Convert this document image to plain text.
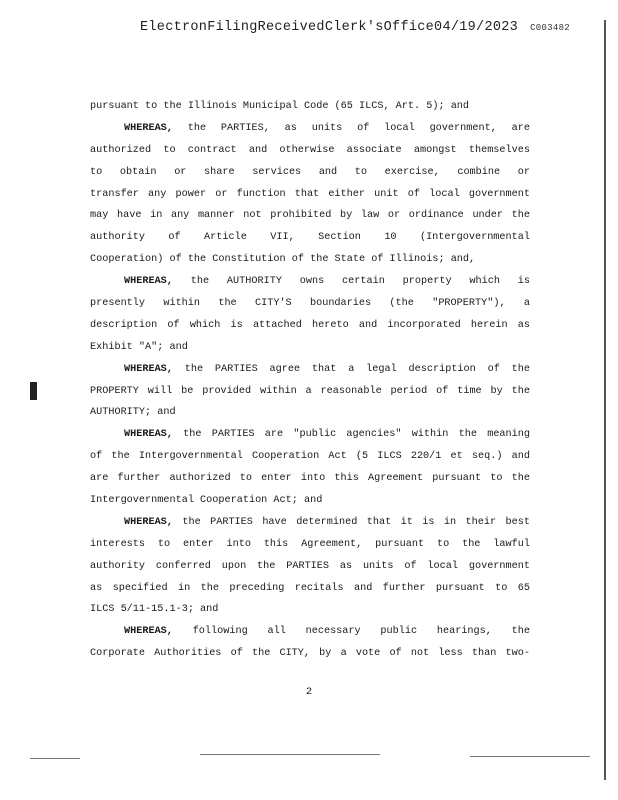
ElectronFilingReceivedClerk'sOffice04/19/2023 C003482
pursuant to the Illinois Municipal Code (65 ILCS, Art. 5); and
WHEREAS, the PARTIES, as units of local government, are
authorized to contract and otherwise associate amongst themselves
to obtain or share services and to exercise, combine or
transfer any power or function that either unit of local government
may have in any manner not prohibited by law or ordinance under the
authority of Article VII, Section 10 (Intergovernmental
Cooperation) of the Constitution of the State of Illinois; and,
WHEREAS, the AUTHORITY owns certain property which is
presently within the CITY'S boundaries (the "PROPERTY"), a
description of which is attached hereto and incorporated herein as
Exhibit "A"; and
WHEREAS, the PARTIES agree that a legal description of the
PROPERTY will be provided within a reasonable period of time by the
AUTHORITY; and
WHEREAS, the PARTIES are "public agencies" within the meaning
of the Intergovernmental Cooperation Act (5 ILCS 220/1 et seq.) and
are further authorized to enter into this Agreement pursuant to the
Intergovernmental Cooperation Act; and
WHEREAS, the PARTIES have determined that it is in their best
interests to enter into this Agreement, pursuant to the lawful
authority conferred upon the PARTIES as units of local government
as specified in the preceding recitals and further pursuant to 65
ILCS 5/11-15.1-3; and
WHEREAS, following all necessary public hearings, the
Corporate Authorities of the CITY, by a vote of not less than two-
2
